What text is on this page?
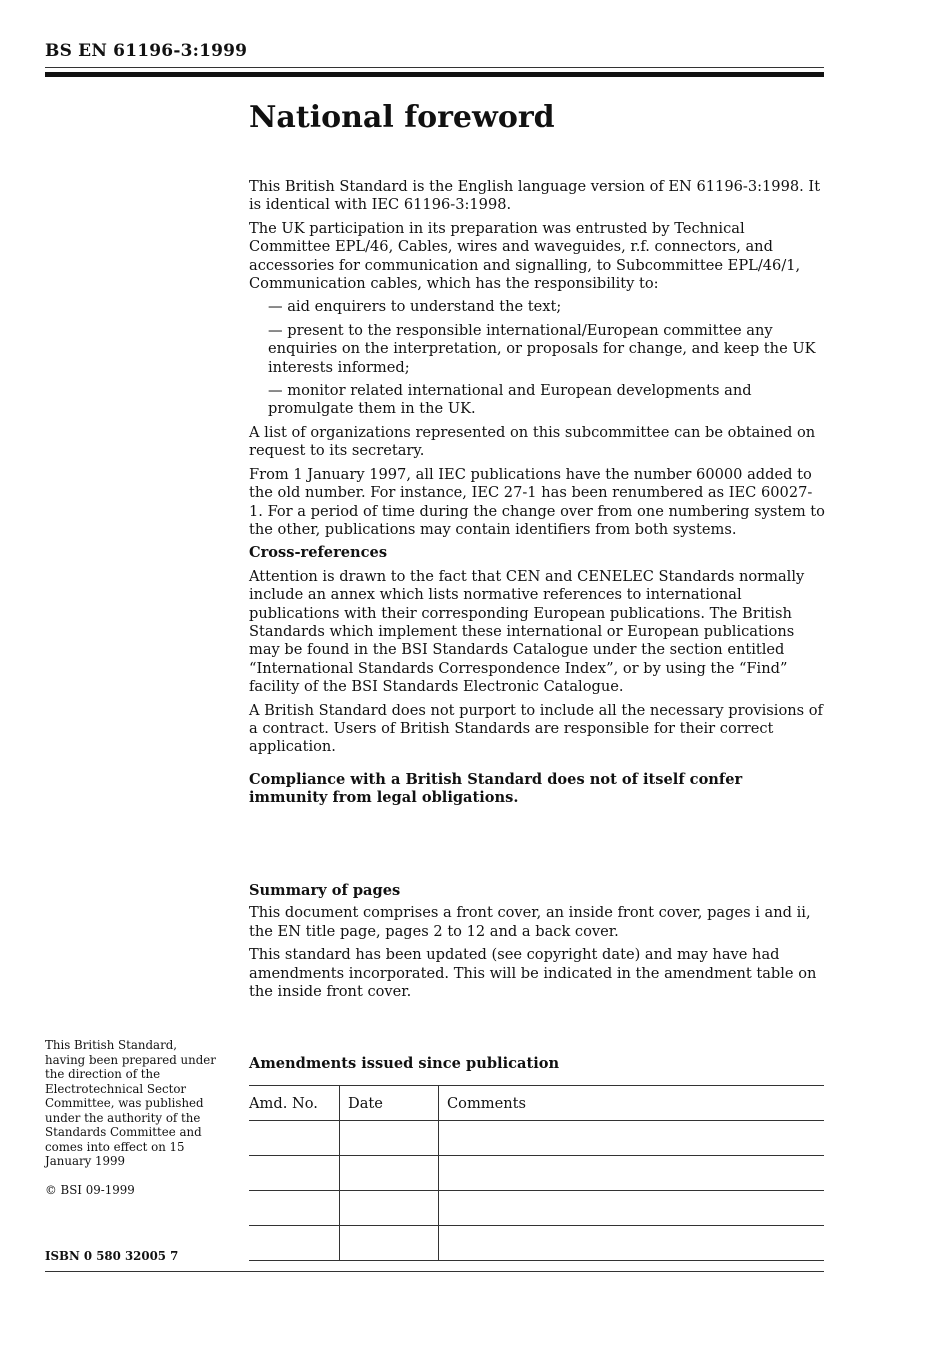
BS EN 61196-3:1999
National foreword

This British Standard is the English language version of EN 61196-3:1998. It is identical with IEC 61196-3:1998.

The UK participation in its preparation was entrusted by Technical Committee EPL/46, Cables, wires and waveguides, r.f. connectors, and accessories for communication and signalling, to Subcommittee EPL/46/1, Communication cables, which has the responsibility to:

— aid enquirers to understand the text;
— present to the responsible international/European committee any enquiries on the interpretation, or proposals for change, and keep the UK interests informed;
— monitor related international and European developments and promulgate them in the UK.

A list of organizations represented on this subcommittee can be obtained on request to its secretary.

From 1 January 1997, all IEC publications have the number 60000 added to the old number. For instance, IEC 27-1 has been renumbered as IEC 60027-1. For a period of time during the change over from one numbering system to the other, publications may contain identifiers from both systems.

Cross-references

Attention is drawn to the fact that CEN and CENELEC Standards normally include an annex which lists normative references to international publications with their corresponding European publications. The British Standards which implement these international or European publications may be found in the BSI Standards Catalogue under the section entitled “International Standards Correspondence Index”, or by using the “Find” facility of the BSI Standards Electronic Catalogue.

A British Standard does not purport to include all the necessary provisions of a contract. Users of British Standards are responsible for their correct application.

Compliance with a British Standard does not of itself confer immunity from legal obligations.

Summary of pages

This document comprises a front cover, an inside front cover, pages i and ii, the EN title page, pages 2 to 12 and a back cover.

This standard has been updated (see copyright date) and may have had amendments incorporated. This will be indicated in the amendment table on the inside front cover.

This British Standard, having been prepared under the direction of the Electrotechnical Sector Committee, was published under the authority of the Standards Committee and comes into effect on 15 January 1999
© BSI 09-1999
ISBN 0 580 32005 7
Amendments issued since publication
Amd. No.	Date	Comments
